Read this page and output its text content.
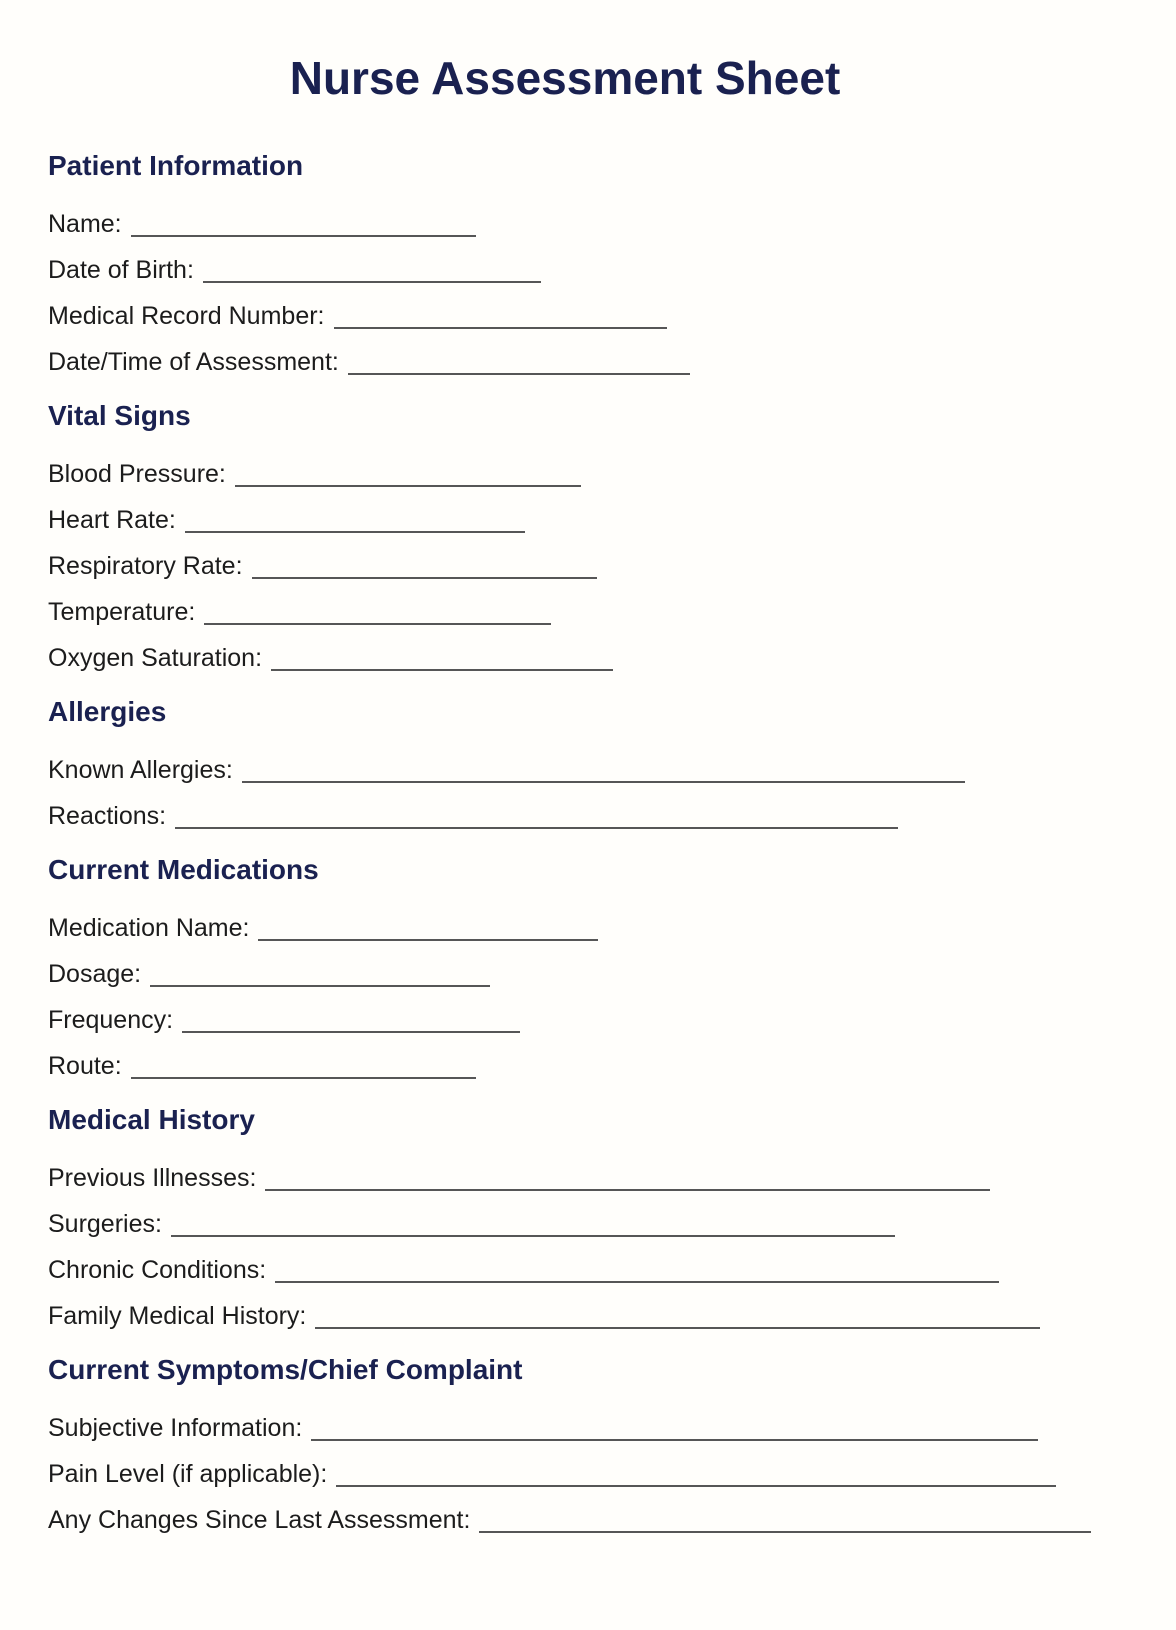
Nurse Assessment Sheet
Patient Information
Name:
Date of Birth:
Medical Record Number:
Date/Time of Assessment:
Vital Signs
Blood Pressure:
Heart Rate:
Respiratory Rate:
Temperature:
Oxygen Saturation:
Allergies
Known Allergies:
Reactions:
Current Medications
Medication Name:
Dosage:
Frequency:
Route:
Medical History
Previous Illnesses:
Surgeries:
Chronic Conditions:
Family Medical History:
Current Symptoms/Chief Complaint
Subjective Information:
Pain Level (if applicable):
Any Changes Since Last Assessment:
